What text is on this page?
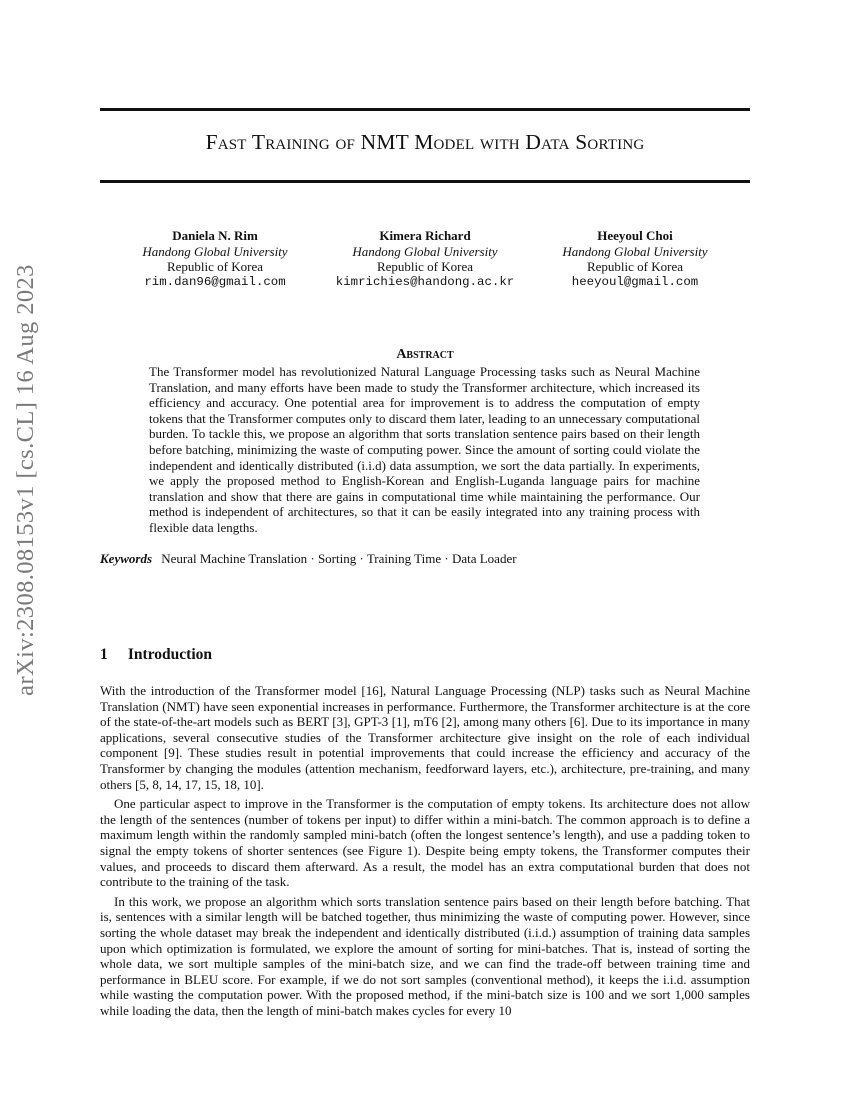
arXiv:2308.08153v1 [cs.CL] 16 Aug 2023
Fast Training of NMT Model with Data Sorting
Daniela N. Rim
Handong Global University
Republic of Korea
rim.dan96@gmail.com
Kimera Richard
Handong Global University
Republic of Korea
kimrichies@handong.ac.kr
Heeyoul Choi
Handong Global University
Republic of Korea
heeyoul@gmail.com
Abstract

The Transformer model has revolutionized Natural Language Processing tasks such as Neural Machine Translation, and many efforts have been made to study the Transformer architecture, which increased its efficiency and accuracy. One potential area for improvement is to address the computation of empty tokens that the Transformer computes only to discard them later, leading to an unnecessary computational burden. To tackle this, we propose an algorithm that sorts translation sentence pairs based on their length before batching, minimizing the waste of computing power. Since the amount of sorting could violate the independent and identically distributed (i.i.d) data assumption, we sort the data partially. In experiments, we apply the proposed method to English-Korean and English-Luganda language pairs for machine translation and show that there are gains in computational time while maintaining the performance. Our method is independent of architectures, so that it can be easily integrated into any training process with flexible data lengths.

Keywords Neural Machine Translation · Sorting · Training Time · Data Loader
1 Introduction

With the introduction of the Transformer model [16], Natural Language Processing (NLP) tasks such as Neural Machine Translation (NMT) have seen exponential increases in performance. Furthermore, the Transformer architecture is at the core of the state-of-the-art models such as BERT [3], GPT-3 [1], mT6 [2], among many others [6]. Due to its importance in many applications, several consecutive studies of the Transformer architecture give insight on the role of each individual component [9]. These studies result in potential improvements that could increase the efficiency and accuracy of the Transformer by changing the modules (attention mechanism, feedforward layers, etc.), architecture, pre-training, and many others [5, 8, 14, 17, 15, 18, 10].

One particular aspect to improve in the Transformer is the computation of empty tokens. Its architecture does not allow the length of the sentences (number of tokens per input) to differ within a mini-batch. The common approach is to define a maximum length within the randomly sampled mini-batch (often the longest sentence’s length), and use a padding token to signal the empty tokens of shorter sentences (see Figure 1). Despite being empty tokens, the Transformer computes their values, and proceeds to discard them afterward. As a result, the model has an extra computational burden that does not contribute to the training of the task.

In this work, we propose an algorithm which sorts translation sentence pairs based on their length before batching. That is, sentences with a similar length will be batched together, thus minimizing the waste of computing power. However, since sorting the whole dataset may break the independent and identically distributed (i.i.d.) assumption of training data samples upon which optimization is formulated, we explore the amount of sorting for mini-batches. That is, instead of sorting the whole data, we sort multiple samples of the mini-batch size, and we can find the trade-off between training time and performance in BLEU score. For example, if we do not sort samples (conventional method), it keeps the i.i.d. assumption while wasting the computation power. With the proposed method, if the mini-batch size is 100 and we sort 1,000 samples while loading the data, then the length of mini-batch makes cycles for every 10
